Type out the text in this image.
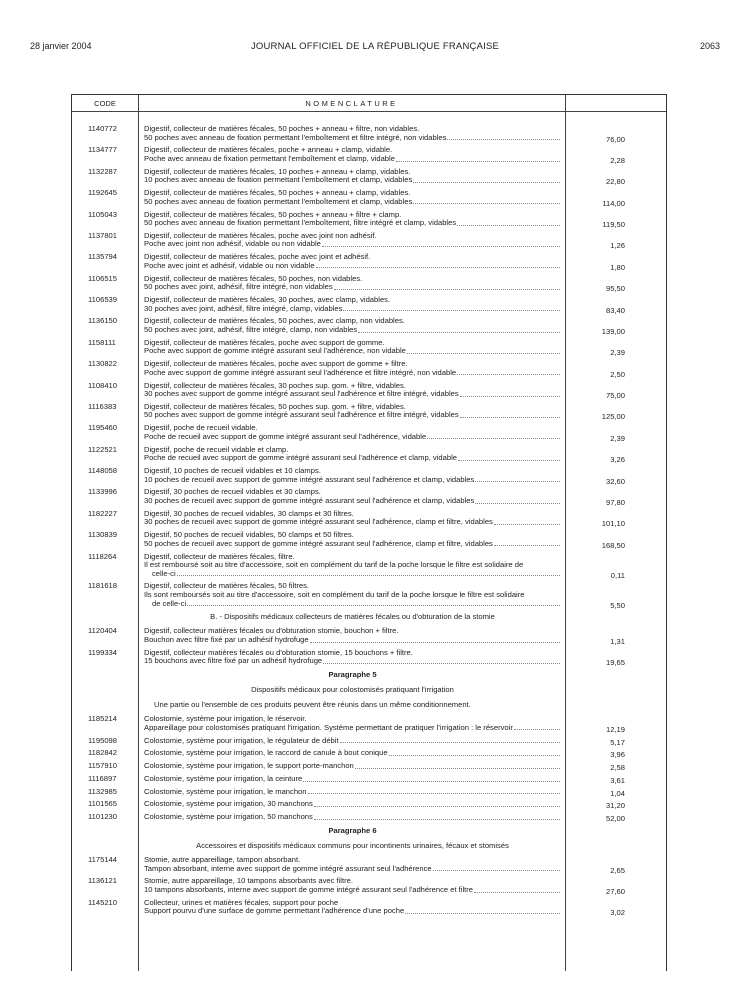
28 janvier 2004	JOURNAL OFFICIEL DE LA RÉPUBLIQUE FRANÇAISE	2063
CODE	NOMENCLATURE
1140772	Digestif, collecteur de matières fécales, 50 poches + anneau + filtre, non vidables.
50 poches avec anneau de fixation permettant l'emboîtement et filtre intégré, non vidables	76,00
1134777	Digestif, collecteur de matières fécales, poche + anneau + clamp, vidable.
Poche avec anneau de fixation permettant l'emboîtement et clamp, vidable	2,28
1132287	Digestif, collecteur de matières fécales, 10 poches + anneau + clamp, vidables.
10 poches avec anneau de fixation permettant l'emboîtement et clamp, vidables	22,80
1192645	Digestif, collecteur de matières fécales, 50 poches + anneau + clamp, vidables.
50 poches avec anneau de fixation permettant l'emboîtement et clamp, vidables	114,00
1105043	Digestif, collecteur de matières fécales, 50 poches + anneau + filtre + clamp.
50 poches avec anneau de fixation permettant l'emboîtement, filtre intégré et clamp, vidables	119,50
1137801	Digestif, collecteur de matières fécales, poche avec joint non adhésif.
Poche avec joint non adhésif, vidable ou non vidable	1,26
1135794	Digestif, collecteur de matières fécales, poche avec joint et adhésif.
Poche avec joint et adhésif, vidable ou non vidable	1,80
1106515	Digestif, collecteur de matières fécales, 50 poches, non vidables.
50 poches avec joint, adhésif, filtre intégré, non vidables	95,50
1106539	Digestif, collecteur de matières fécales, 30 poches, avec clamp, vidables.
30 poches avec joint, adhésif, filtre intégré, clamp, vidables	83,40
1136150	Digestif, collecteur de matières fécales, 50 poches, avec clamp, non vidables.
50 poches avec joint, adhésif, filtre intégré, clamp, non vidables	139,00
1158111	Digestif, collecteur de matières fécales, poche avec support de gomme.
Poche avec support de gomme intégré assurant seul l'adhérence, non vidable	2,39
1130822	Digestif, collecteur de matières fécales, poche avec support de gomme + filtre.
Poche avec support de gomme intégré assurant seul l'adhérence et filtre intégré, non vidable	2,50
1108410	Digestif, collecteur de matières fécales, 30 poches sup. gom. + filtre, vidables.
30 poches avec support de gomme intégré assurant seul l'adhérence et filtre intégré, vidables	75,00
1116383	Digestif, collecteur de matières fécales, 50 poches sup. gom. + filtre, vidables.
50 poches avec support de gomme intégré assurant seul l'adhérence et filtre intégré, vidables	125,00
1195460	Digestif, poche de recueil vidable.
Poche de recueil avec support de gomme intégré assurant seul l'adhérence, vidable	2,39
1122521	Digestif, poche de recueil vidable et clamp.
Poche de recueil avec support de gomme intégré assurant seul l'adhérence et clamp, vidable	3,26
1148058	Digestif, 10 poches de recueil vidables et 10 clamps.
10 poches de recueil avec support de gomme intégré assurant seul l'adhérence et clamp, vidables	32,60
1133996	Digestif, 30 poches de recueil vidables et 30 clamps.
30 poches de recueil avec support de gomme intégré assurant seul l'adhérence et clamp, vidables	97,80
1182227	Digestif, 30 poches de recueil vidables, 30 clamps et 30 filtres.
30 poches de recueil avec support de gomme intégré assurant seul l'adhérence, clamp et filtre, vidables	101,10
1130839	Digestif, 50 poches de recueil vidables, 50 clamps et 50 filtres.
50 poches de recueil avec support de gomme intégré assurant seul l'adhérence, clamp et filtre, vidables	168,50
1118264	Digestif, collecteur de matières fécales, filtre.
Il est remboursé soit au titre d'accessoire, soit en complément du tarif de la poche lorsque le filtre est solidaire de
celle-ci	0,11
1181618	Digestif, collecteur de matières fécales, 50 filtres.
Ils sont remboursés soit au titre d'accessoire, soit en complément du tarif de la poche lorsque le filtre est solidaire
de celle-ci	5,50
B. - Dispositifs médicaux collecteurs de matières fécales ou d'obturation de la stomie
1120404	Digestif, collecteur matières fécales ou d'obturation stomie, bouchon + filtre.
Bouchon avec filtre fixé par un adhésif hydrofuge	1,31
1199334	Digestif, collecteur matières fécales ou d'obturation stomie, 15 bouchons + filtre.
15 bouchons avec filtre fixé par un adhésif hydrofuge	19,65
Paragraphe 5
Dispositifs médicaux pour colostomisés pratiquant l'irrigation
Une partie ou l'ensemble de ces produits peuvent être réunis dans un même conditionnement.
1185214	Colostomie, système pour irrigation, le réservoir.
Appareillage pour colostomisés pratiquant l'irrigation. Système permettant de pratiquer l'irrigation : le réservoir	12,19
1195098	Colostomie, système pour irrigation, le régulateur de débit	5,17
1182842	Colostomie, système pour irrigation, le raccord de canule à bout conique	3,96
1157910	Colostomie, système pour irrigation, le support porte-manchon	2,58
1116897	Colostomie, système pour irrigation, la ceinture	3,61
1132985	Colostomie, système pour irrigation, le manchon	1,04
1101565	Colostomie, système pour irrigation, 30 manchons	31,20
1101230	Colostomie, système pour irrigation, 50 manchons	52,00
Paragraphe 6
Accessoires et dispositifs médicaux communs pour incontinents urinaires, fécaux et stomisés
1175144	Stomie, autre appareillage, tampon absorbant.
Tampon absorbant, interne avec support de gomme intégré assurant seul l'adhérence	2,65
1136121	Stomie, autre appareillage, 10 tampons absorbants avec filtre.
10 tampons absorbants, interne avec support de gomme intégré assurant seul l'adhérence et filtre	27,60
1145210	Collecteur, urines et matières fécales, support pour poche
Support pourvu d'une surface de gomme permettant l'adhérence d'une poche	3,02
